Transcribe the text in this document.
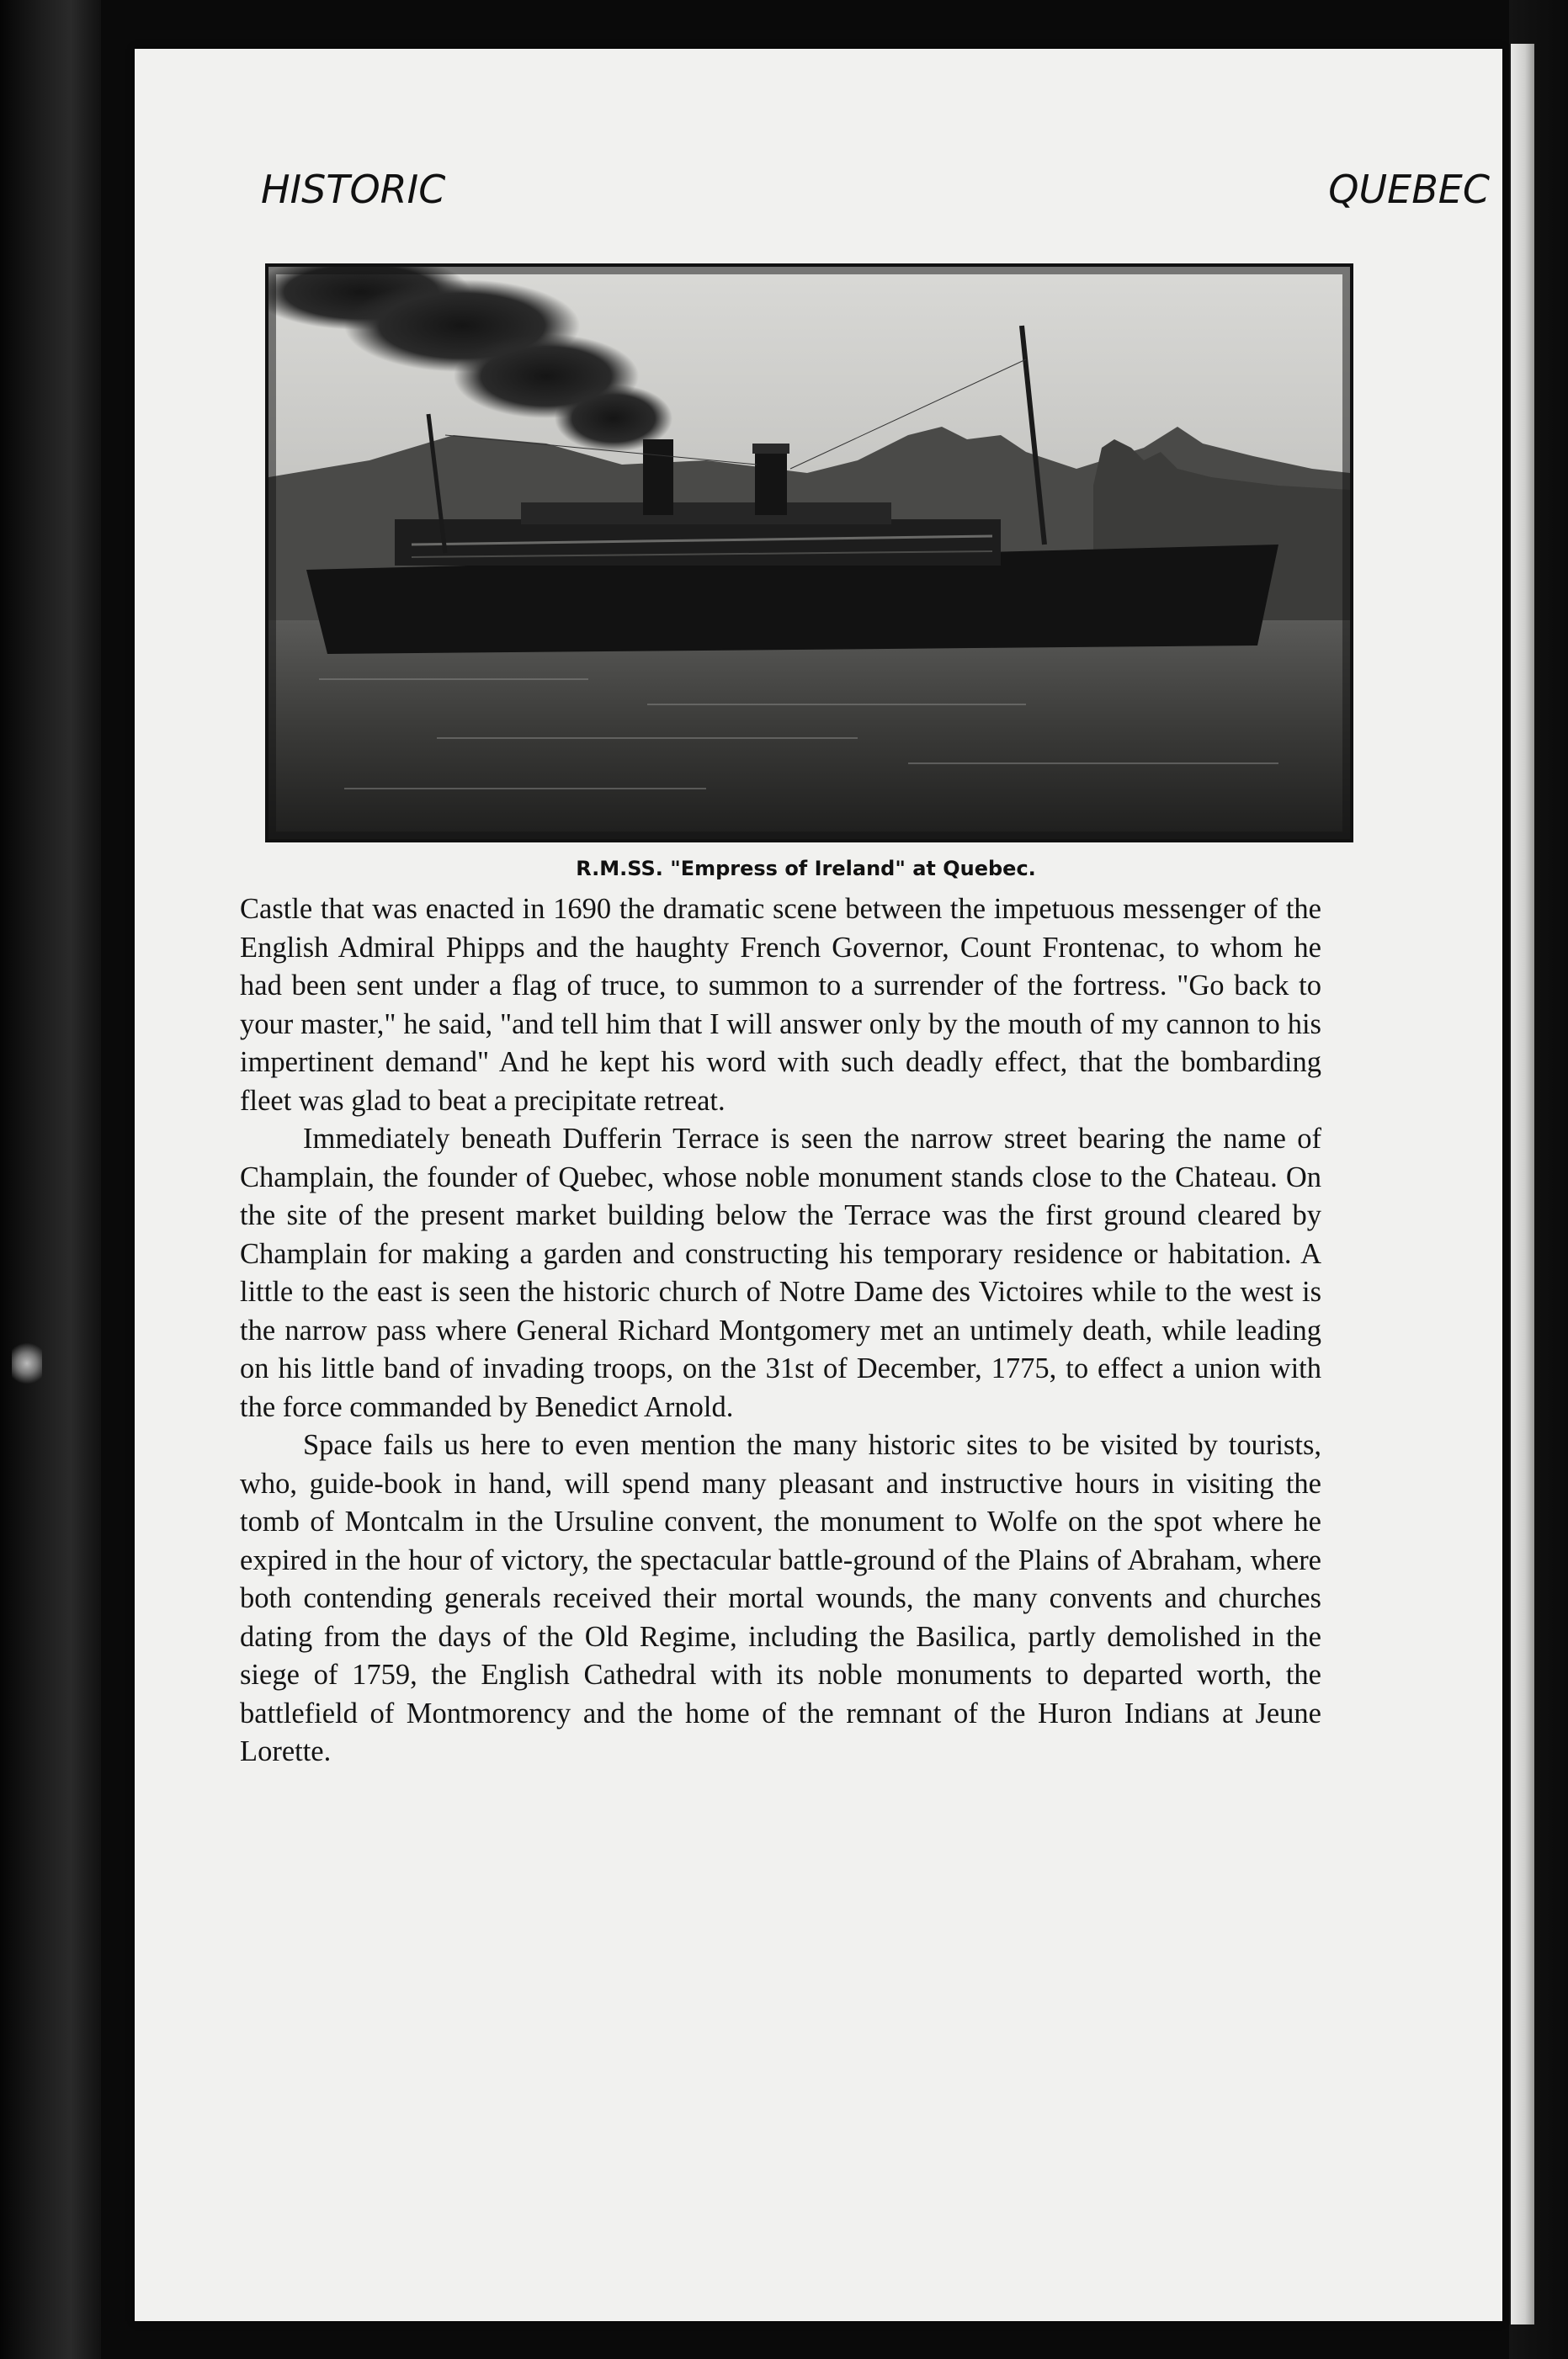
HISTORIC QUEBEC
R.M.SS. "Empress of Ireland" at Quebec.

Castle that was enacted in 1690 the dramatic scene between the impetuous messenger of the English Admiral Phipps and the haughty French Governor, Count Frontenac, to whom he had been sent under a flag of truce, to summon to a surrender of the fortress. "Go back to your master," he said, "and tell him that I will answer only by the mouth of my cannon to his impertinent demand" And he kept his word with such deadly effect, that the bombarding fleet was glad to beat a precipitate retreat.

Immediately beneath Dufferin Terrace is seen the narrow street bearing the name of Champlain, the founder of Quebec, whose noble monument stands close to the Chateau. On the site of the present market building below the Terrace was the first ground cleared by Champlain for making a garden and constructing his temporary residence or habitation. A little to the east is seen the historic church of Notre Dame des Victoires while to the west is the narrow pass where General Richard Montgomery met an untimely death, while leading on his little band of invading troops, on the 31st of December, 1775, to effect a union with the force commanded by Benedict Arnold.

Space fails us here to even mention the many historic sites to be visited by tourists, who, guide-book in hand, will spend many pleasant and instructive hours in visiting the tomb of Montcalm in the Ursuline convent, the monument to Wolfe on the spot where he expired in the hour of victory, the spectacular battle-ground of the Plains of Abraham, where both contending generals received their mortal wounds, the many convents and churches dating from the days of the Old Regime, including the Basilica, partly demolished in the siege of 1759, the English Cathedral with its noble monuments to departed worth, the battlefield of Montmorency and the home of the remnant of the Huron Indians at Jeune Lorette.
